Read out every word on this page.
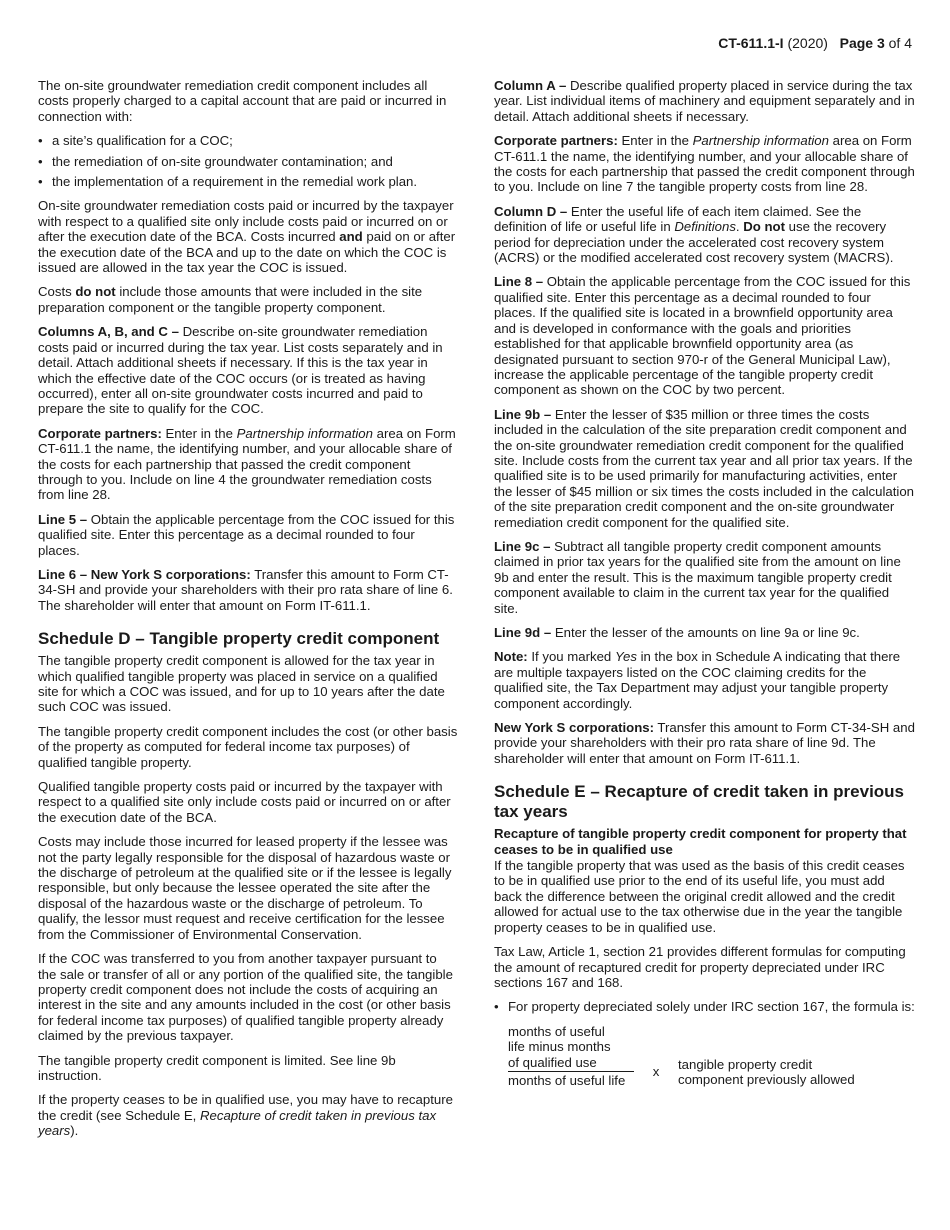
CT-611.1-I (2020) Page 3 of 4

The on-site groundwater remediation credit component includes all costs properly charged to a capital account that are paid or incurred in connection with:

• a site’s qualification for a COC;
• the remediation of on-site groundwater contamination; and
• the implementation of a requirement in the remedial work plan.

On-site groundwater remediation costs paid or incurred by the taxpayer with respect to a qualified site only include costs paid or incurred on or after the execution date of the BCA. Costs incurred and paid on or after the execution date of the BCA and up to the date on which the COC is issued are allowed in the tax year the COC is issued.

Costs do not include those amounts that were included in the site preparation component or the tangible property component.

Columns A, B, and C – Describe on-site groundwater remediation costs paid or incurred during the tax year. List costs separately and in detail. Attach additional sheets if necessary. If this is the tax year in which the effective date of the COC occurs (or is treated as having occurred), enter all on-site groundwater costs incurred and paid to prepare the site to qualify for the COC.

Corporate partners: Enter in the Partnership information area on Form CT-611.1 the name, the identifying number, and your allocable share of the costs for each partnership that passed the credit component through to you. Include on line 4 the groundwater remediation costs from line 28.

Line 5 – Obtain the applicable percentage from the COC issued for this qualified site. Enter this percentage as a decimal rounded to four places.

Line 6 – New York S corporations: Transfer this amount to Form CT-34-SH and provide your shareholders with their pro rata share of line 6. The shareholder will enter that amount on Form IT-611.1.

Schedule D – Tangible property credit component

The tangible property credit component is allowed for the tax year in which qualified tangible property was placed in service on a qualified site for which a COC was issued, and for up to 10 years after the date such COC was issued.

The tangible property credit component includes the cost (or other basis of the property as computed for federal income tax purposes) of qualified tangible property.

Qualified tangible property costs paid or incurred by the taxpayer with respect to a qualified site only include costs paid or incurred on or after the execution date of the BCA.

Costs may include those incurred for leased property if the lessee was not the party legally responsible for the disposal of hazardous waste or the discharge of petroleum at the qualified site or if the lessee is legally responsible, but only because the lessee operated the site after the disposal of the hazardous waste or the discharge of petroleum. To qualify, the lessor must request and receive certification for the lessee from the Commissioner of Environmental Conservation.

If the COC was transferred to you from another taxpayer pursuant to the sale or transfer of all or any portion of the qualified site, the tangible property credit component does not include the costs of acquiring an interest in the site and any amounts included in the cost (or other basis for federal income tax purposes) of qualified tangible property already claimed by the previous taxpayer.

The tangible property credit component is limited. See line 9b instruction.

If the property ceases to be in qualified use, you may have to recapture the credit (see Schedule E, Recapture of credit taken in previous tax years).

Column A – Describe qualified property placed in service during the tax year. List individual items of machinery and equipment separately and in detail. Attach additional sheets if necessary.

Corporate partners: Enter in the Partnership information area on Form CT-611.1 the name, the identifying number, and your allocable share of the costs for each partnership that passed the credit component through to you. Include on line 7 the tangible property costs from line 28.

Column D – Enter the useful life of each item claimed. See the definition of life or useful life in Definitions. Do not use the recovery period for depreciation under the accelerated cost recovery system (ACRS) or the modified accelerated cost recovery system (MACRS).

Line 8 – Obtain the applicable percentage from the COC issued for this qualified site. Enter this percentage as a decimal rounded to four places. If the qualified site is located in a brownfield opportunity area and is developed in conformance with the goals and priorities established for that applicable brownfield opportunity area (as designated pursuant to section 970-r of the General Municipal Law), increase the applicable percentage of the tangible property credit component as shown on the COC by two percent.

Line 9b – Enter the lesser of $35 million or three times the costs included in the calculation of the site preparation credit component and the on-site groundwater remediation credit component for the qualified site. Include costs from the current tax year and all prior tax years. If the qualified site is to be used primarily for manufacturing activities, enter the lesser of $45 million or six times the costs included in the calculation of the site preparation credit component and the on-site groundwater remediation credit component for the qualified site.

Line 9c – Subtract all tangible property credit component amounts claimed in prior tax years for the qualified site from the amount on line 9b and enter the result. This is the maximum tangible property credit component available to claim in the current tax year for the qualified site.

Line 9d – Enter the lesser of the amounts on line 9a or line 9c.

Note: If you marked Yes in the box in Schedule A indicating that there are multiple taxpayers listed on the COC claiming credits for the qualified site, the Tax Department may adjust your tangible property component accordingly.

New York S corporations: Transfer this amount to Form CT-34-SH and provide your shareholders with their pro rata share of line 9d. The shareholder will enter that amount on Form IT-611.1.

Schedule E – Recapture of credit taken in previous tax years
Recapture of tangible property credit component for property that ceases to be in qualified use

If the tangible property that was used as the basis of this credit ceases to be in qualified use prior to the end of its useful life, you must add back the difference between the original credit allowed and the credit allowed for actual use to the tax otherwise due in the year the tangible property ceases to be in qualified use.

Tax Law, Article 1, section 21 provides different formulas for computing the amount of recaptured credit for property depreciated under IRC sections 167 and 168.

• For property depreciated solely under IRC section 167, the formula is:
months of useful
life minus months
of qualified use
months of useful life
x	tangible property credit
component previously allowed
